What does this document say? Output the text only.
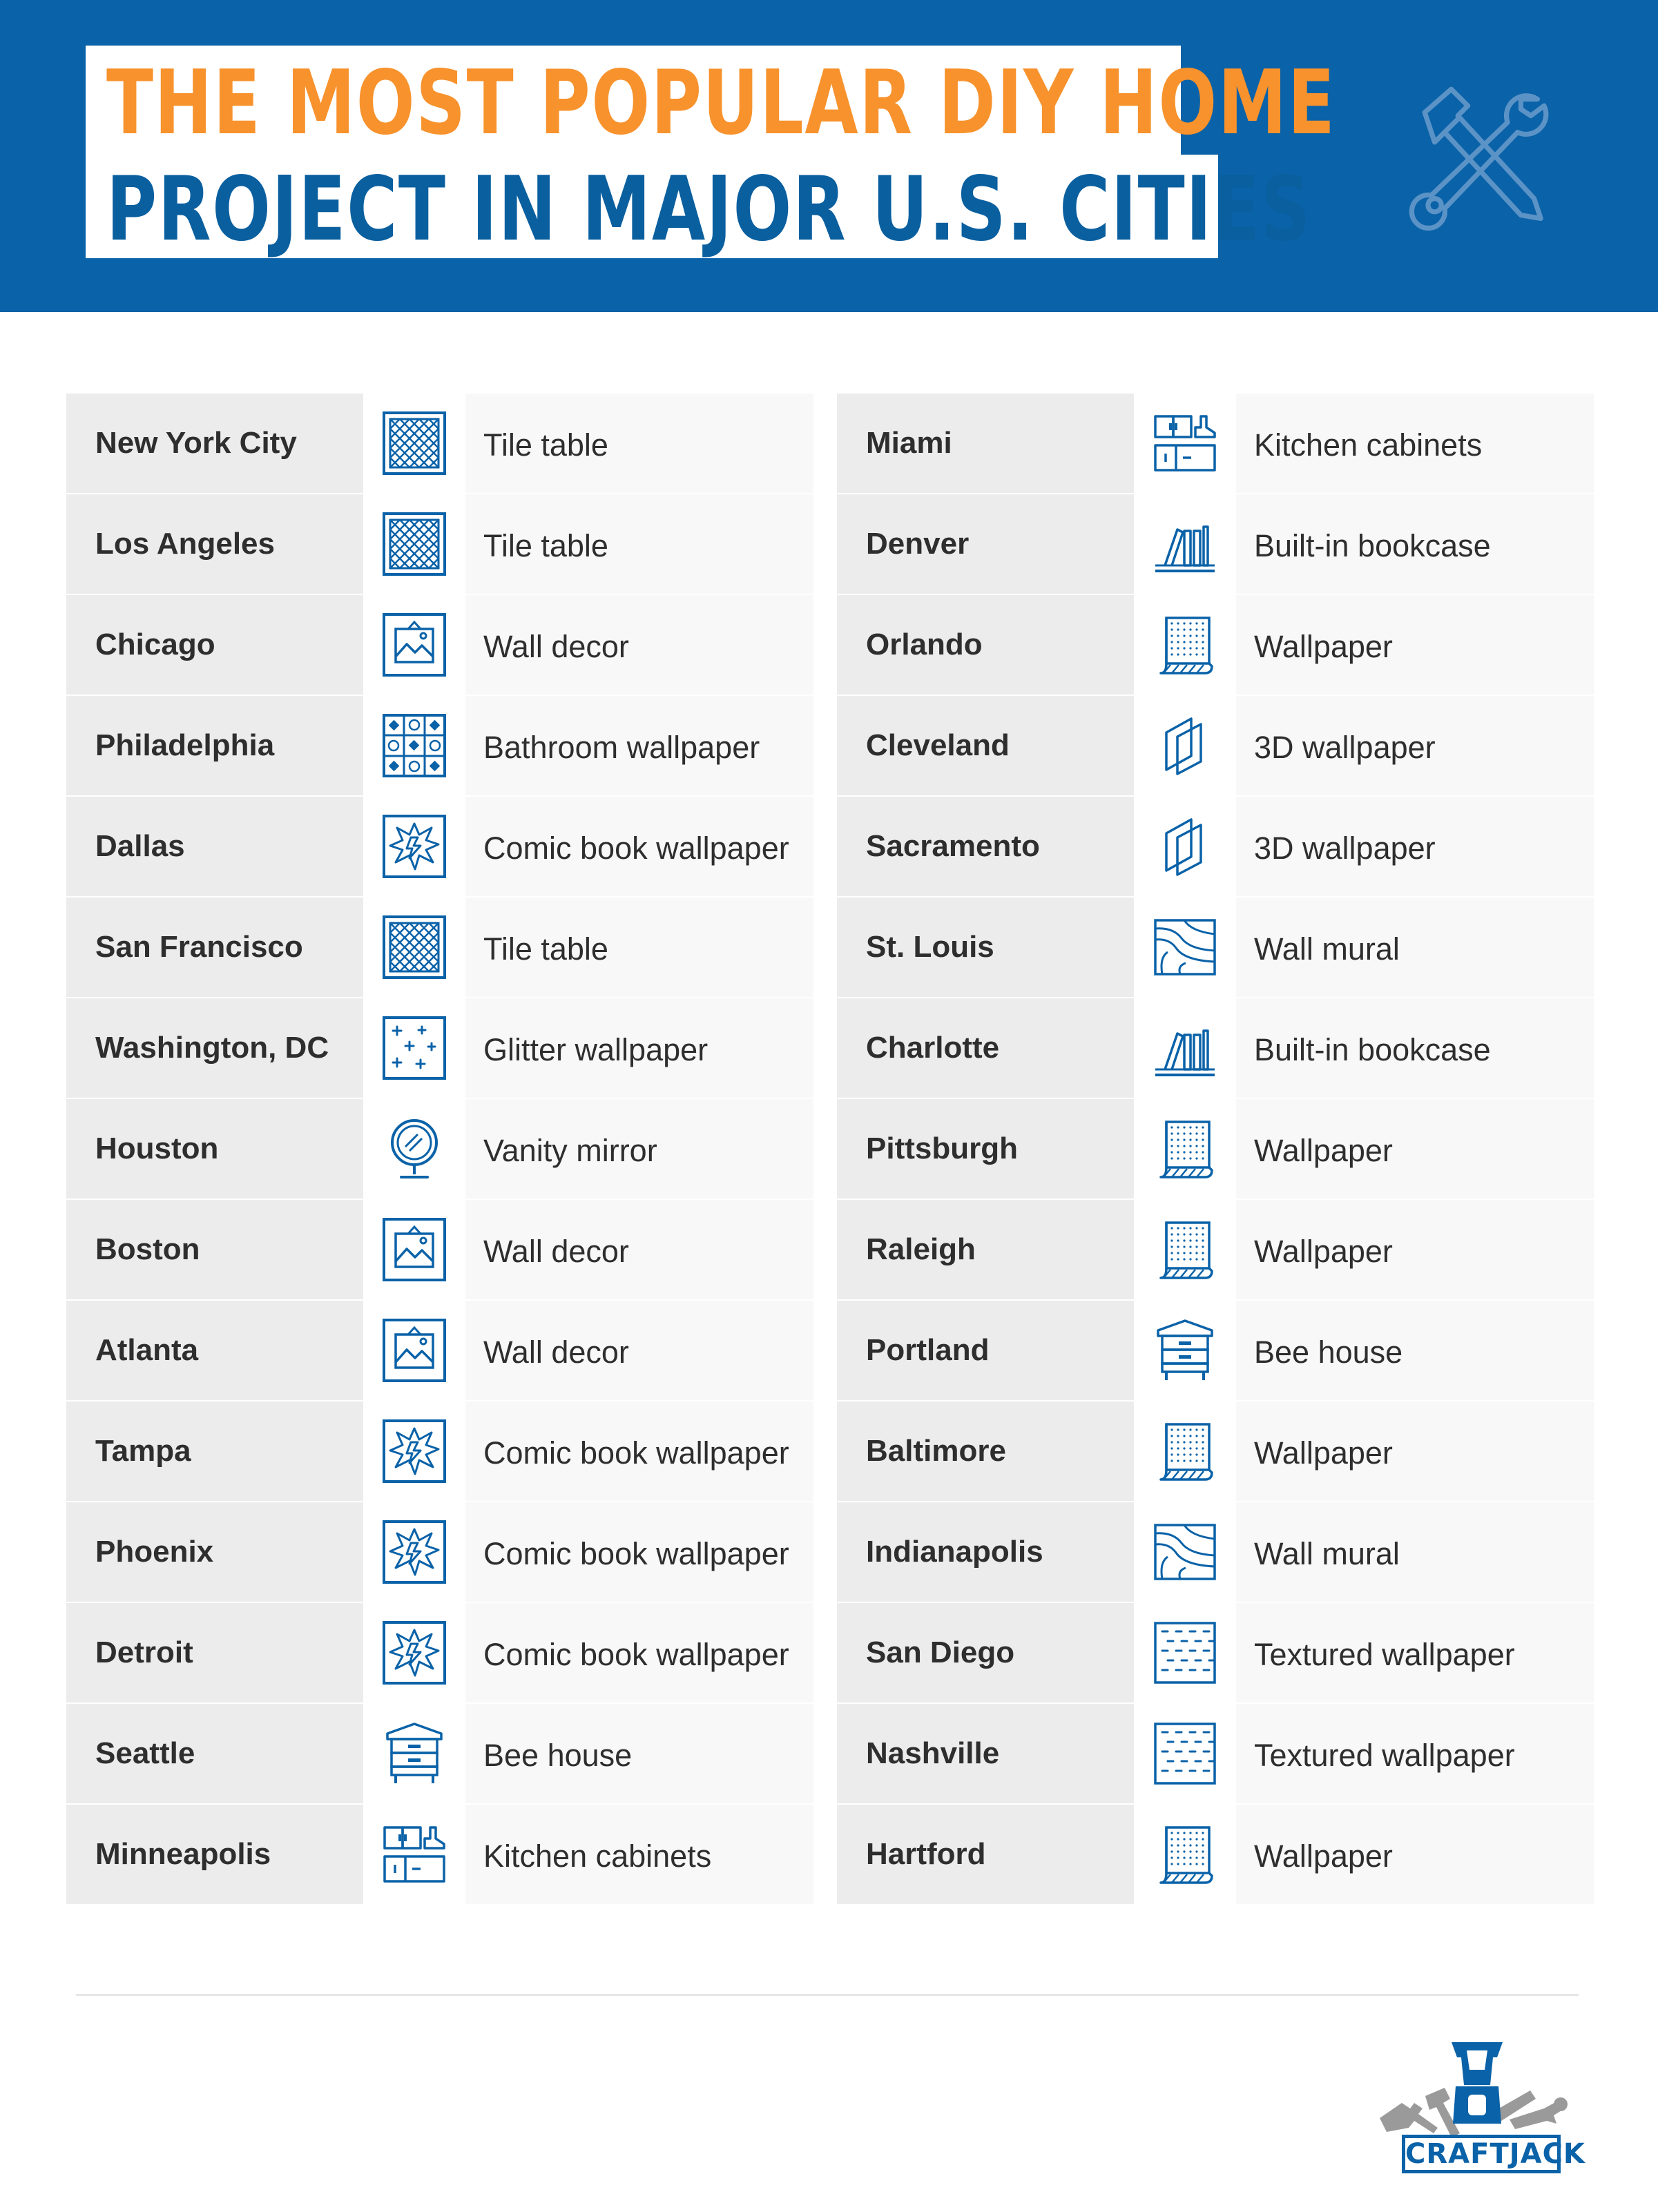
THE MOST POPULAR DIY HOME
PROJECT IN MAJOR U.S. CITIES
New York City	Tile table
Los Angeles	Tile table
Chicago	Wall decor
Philadelphia	Bathroom wallpaper
Dallas	Comic book wallpaper
San Francisco	Tile table
Washington, DC	Glitter wallpaper
Houston	Vanity mirror
Boston	Wall decor
Atlanta	Wall decor
Tampa	Comic book wallpaper
Phoenix	Comic book wallpaper
Detroit	Comic book wallpaper
Seattle	Bee house
Minneapolis	Kitchen cabinets
Miami	Kitchen cabinets
Denver	Built-in bookcase
Orlando	Wallpaper
Cleveland	3D wallpaper
Sacramento	3D wallpaper
St. Louis	Wall mural
Charlotte	Built-in bookcase
Pittsburgh	Wallpaper
Raleigh	Wallpaper
Portland	Bee house
Baltimore	Wallpaper
Indianapolis	Wall mural
San Diego	Textured wallpaper
Nashville	Textured wallpaper
Hartford	Wallpaper
CRAFTJACK
